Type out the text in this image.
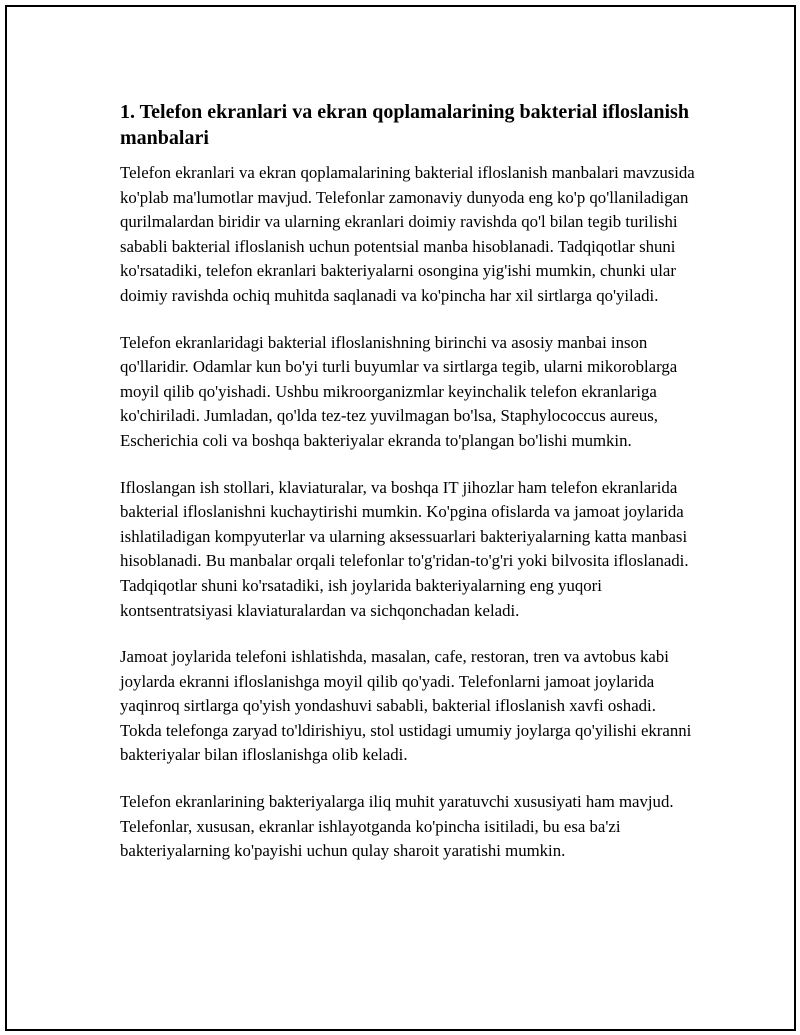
1. Telefon ekranlari va ekran qoplamalarining bakterial ifloslanish manbalari

Telefon ekranlari va ekran qoplamalarining bakterial ifloslanish manbalari mavzusida ko'plab ma'lumotlar mavjud. Telefonlar zamonaviy dunyoda eng ko'p qo'llaniladigan qurilmalardan biridir va ularning ekranlari doimiy ravishda qo'l bilan tegib turilishi sababli bakterial ifloslanish uchun potentsial manba hisoblanadi. Tadqiqotlar shuni ko'rsatadiki, telefon ekranlari bakteriyalarni osongina yig'ishi mumkin, chunki ular doimiy ravishda ochiq muhitda saqlanadi va ko'pincha har xil sirtlarga qo'yiladi.

Telefon ekranlaridagi bakterial ifloslanishning birinchi va asosiy manbai inson qo'llaridir. Odamlar kun bo'yi turli buyumlar va sirtlarga tegib, ularni mikoroblarga moyil qilib qo'yishadi. Ushbu mikroorganizmlar keyinchalik telefon ekranlariga ko'chiriladi. Jumladan, qo'lda tez-tez yuvilmagan bo'lsa, Staphylococcus aureus, Escherichia coli va boshqa bakteriyalar ekranda to'plangan bo'lishi mumkin.

Ifloslangan ish stollari, klaviaturalar, va boshqa IT jihozlar ham telefon ekranlarida bakterial ifloslanishni kuchaytirishi mumkin. Ko'pgina ofislarda va jamoat joylarida ishlatiladigan kompyuterlar va ularning aksessuarlari bakteriyalarning katta manbasi hisoblanadi. Bu manbalar orqali telefonlar to'g'ridan-to'g'ri yoki bilvosita ifloslanadi. Tadqiqotlar shuni ko'rsatadiki, ish joylarida bakteriyalarning eng yuqori kontsentratsiyasi klaviaturalardan va sichqonchadan keladi.

Jamoat joylarida telefoni ishlatishda, masalan, cafe, restoran, tren va avtobus kabi joylarda ekranni ifloslanishga moyil qilib qo'yadi. Telefonlarni jamoat joylarida yaqinroq sirtlarga qo'yish yondashuvi sababli, bakterial ifloslanish xavfi oshadi. Tokda telefonga zaryad to'ldirishiyu, stol ustidagi umumiy joylarga qo'yilishi ekranni bakteriyalar bilan ifloslanishga olib keladi.

Telefon ekranlarining bakteriyalarga iliq muhit yaratuvchi xususiyati ham mavjud. Telefonlar, xususan, ekranlar ishlayotganda ko'pincha isitiladi, bu esa ba'zi bakteriyalarning ko'payishi uchun qulay sharoit yaratishi mumkin.
